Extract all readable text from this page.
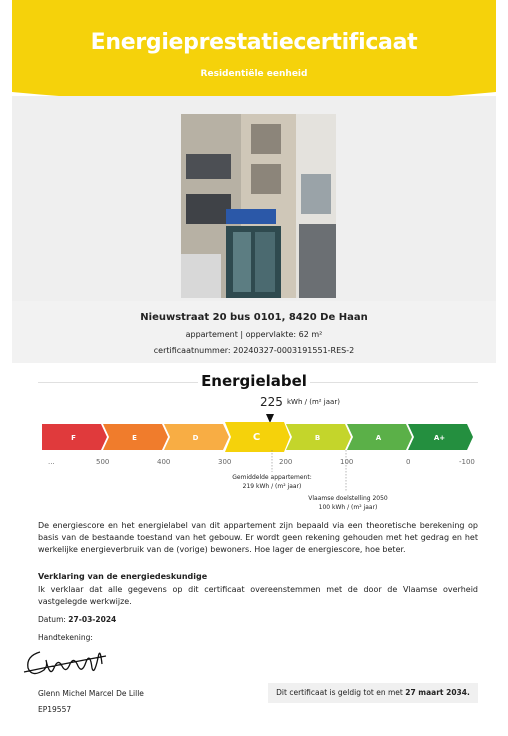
Energieprestatiecertificaat
Residentiële eenheid
Nieuwstraat 20 bus 0101, 8420 De Haan
appartement | oppervlakte: 62 m²
certificaatnummer: 20240327-0003191551-RES-2
Energielabel
225 kWh / (m² jaar)
F	E	D	C	B	A	A+
...	500	400	300	200	100	0	-100
Gemiddelde appartement:
219 kWh / (m² jaar)
Vlaamse doelstelling 2050
100 kWh / (m² jaar)
De energiescore en het energielabel van dit appartement zijn bepaald via een theoretische berekening op basis van de bestaande toestand van het gebouw. Er wordt geen rekening gehouden met het gedrag en het werkelijke energieverbruik van de (vorige) bewoners. Hoe lager de energiescore, hoe beter.
Verklaring van de energiedeskundige
Ik verklaar dat alle gegevens op dit certificaat overeenstemmen met de door de Vlaamse overheid vastgelegde werkwijze.
Datum: 27-03-2024
Handtekening:
Glenn Michel Marcel De Lille
EP19557
Dit certificaat is geldig tot en met 27 maart 2034.
